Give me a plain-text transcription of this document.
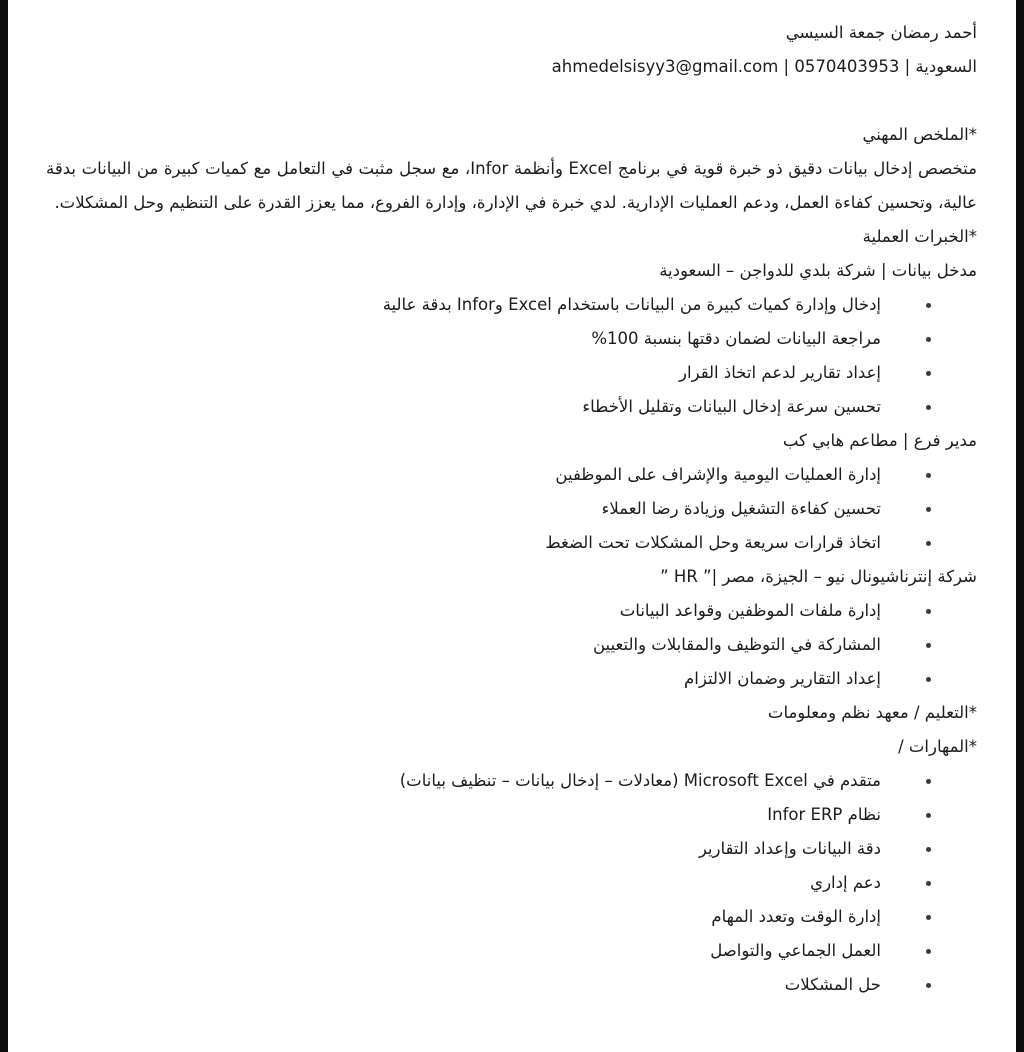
أحمد رمضان جمعة السيسي
السعودية | 0570403953 | ahmedelsisyy3@gmail.com
*الملخص المهني
متخصص إدخال بيانات دقيق ذو خبرة قوية في برنامج Excel وأنظمة Infor، مع سجل مثبت في التعامل مع كميات كبيرة من البيانات بدقة عالية، وتحسين كفاءة العمل، ودعم العمليات الإدارية. لدي خبرة في الإدارة، وإدارة الفروع، مما يعزز القدرة على التنظيم وحل المشكلات.
*الخبرات العملية
مدخل بيانات | شركة بلدي للدواجن – السعودية
إدخال وإدارة كميات كبيرة من البيانات باستخدام Excel وInfor بدقة عالية
مراجعة البيانات لضمان دقتها بنسبة 100%
إعداد تقارير لدعم اتخاذ القرار
تحسين سرعة إدخال البيانات وتقليل الأخطاء
مدير فرع | مطاعم هابي كب
إدارة العمليات اليومية والإشراف على الموظفين
تحسين كفاءة التشغيل وزيادة رضا العملاء
اتخاذ قرارات سريعة وحل المشكلات تحت الضغط
” HR ”| شركة إنترناشيونال نيو – الجيزة، مصر
إدارة ملفات الموظفين وقواعد البيانات
المشاركة في التوظيف والمقابلات والتعيين
إعداد التقارير وضمان الالتزام
*التعليم / معهد نظم ومعلومات
*المهارات /
متقدم في Microsoft Excel (معادلات – إدخال بيانات – تنظيف بيانات)
نظام Infor ERP
دقة البيانات وإعداد التقارير
دعم إداري
إدارة الوقت وتعدد المهام
العمل الجماعي والتواصل
حل المشكلات
